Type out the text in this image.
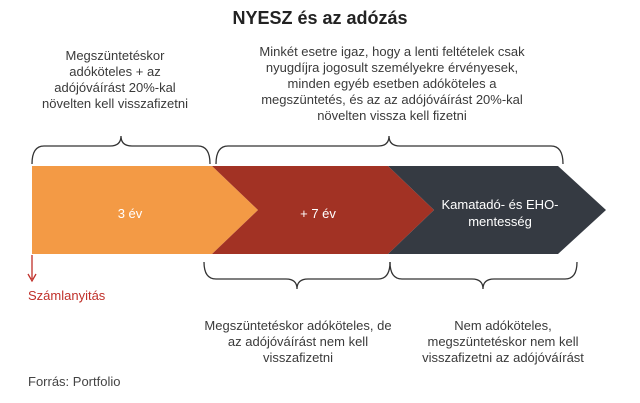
NYESZ és az adózás
Megszüntetéskor
adóköteles + az
adójóváírást 20%-kal
növelten kell visszafizetni
Minkét esetre igaz, hogy a lenti feltételek csak
nyugdíjra jogosult személyekre érvényesek,
minden egyéb esetben adóköteles a
megszüntetés, és az az adójóváírást 20%-kal
növelten vissza kell fizetni
3 év	+ 7 év
Kamatadó- és EHO-
mentesség
Számlanyitás
Megszüntetéskor adóköteles, de
az adójóváírást nem kell
visszafizetni
Nem adóköteles,
megszüntetéskor nem kell
visszafizetni az adójóváírást
Forrás: Portfolio
